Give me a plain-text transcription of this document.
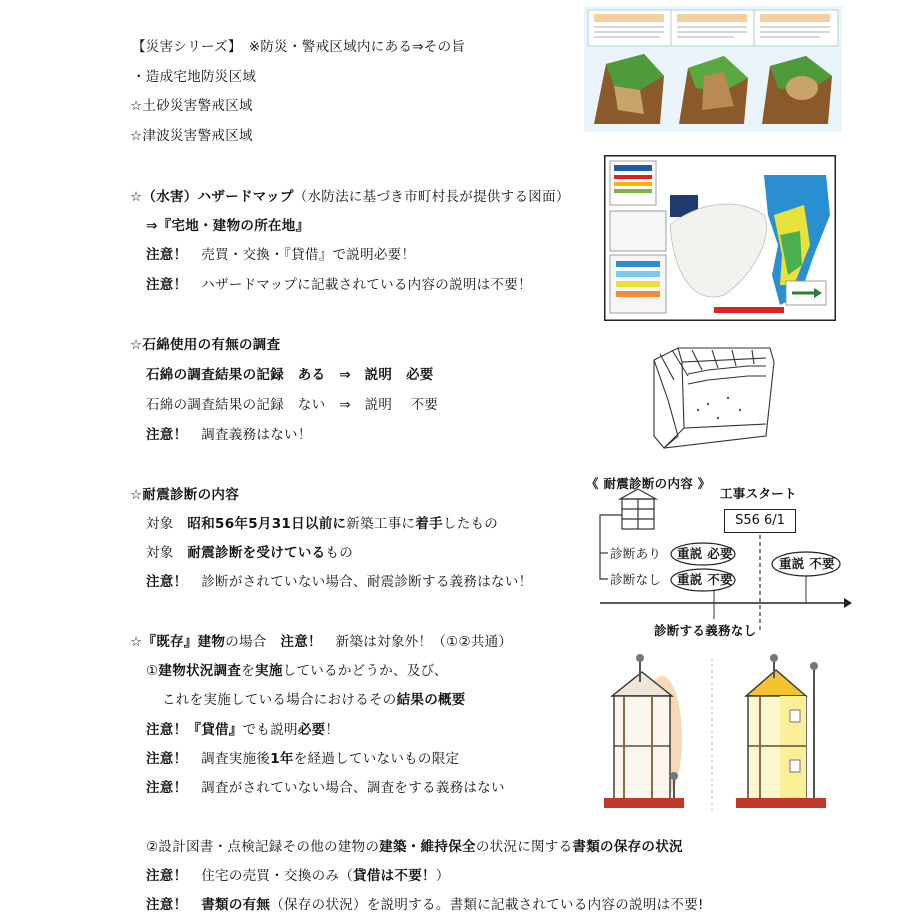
【災害シリーズ】　※防災・警戒区域内にある⇒その旨
・造成宅地防災区域
☆土砂災害警戒区域
☆津波災害警戒区域
☆（水害）ハザードマップ（水防法に基づき市町村長が提供する図面）
⇒『宅地・建物の所在地』
注意！　 売買・交換・『貸借』で説明必要！
注意！　 ハザードマップに記載されている内容の説明は不要！
☆石綿使用の有無の調査
石綿の調査結果の記録　ある　⇒　説明　必要
石綿の調査結果の記録　ない　⇒　説明　 不要
注意！　 調査義務はない！
☆耐震診断の内容
対象　 昭和56年5月31日以前に新築工事に着手したもの
対象　 耐震診断を受けているもの
注意！　 診断がされていない場合、耐震診断する義務はない！
☆『既存』建物の場合　 注意！　 新築は対象外！（①②共通）
①建物状況調査を実施しているかどうか、及び、
これを実施している場合におけるその結果の概要
注意！『貸借』でも説明必要！
注意！　 調査実施後1年を経過していないもの限定
注意！　 調査がされていない場合、調査をする義務はない
②設計図書・点検記録その他の建物の建築・維持保全の状況に関する書類の保存の状況
注意！　 住宅の売買・交換のみ（貸借は不要！）
注意！　 書類の有無（保存の状況）を説明する。書類に記載されている内容の説明は不要!
《 耐震診断の内容 》
工事スタート
S56 6/1
診断あり 重説 必要
診断なし 重説 不要
重説 不要
診断する義務なし
